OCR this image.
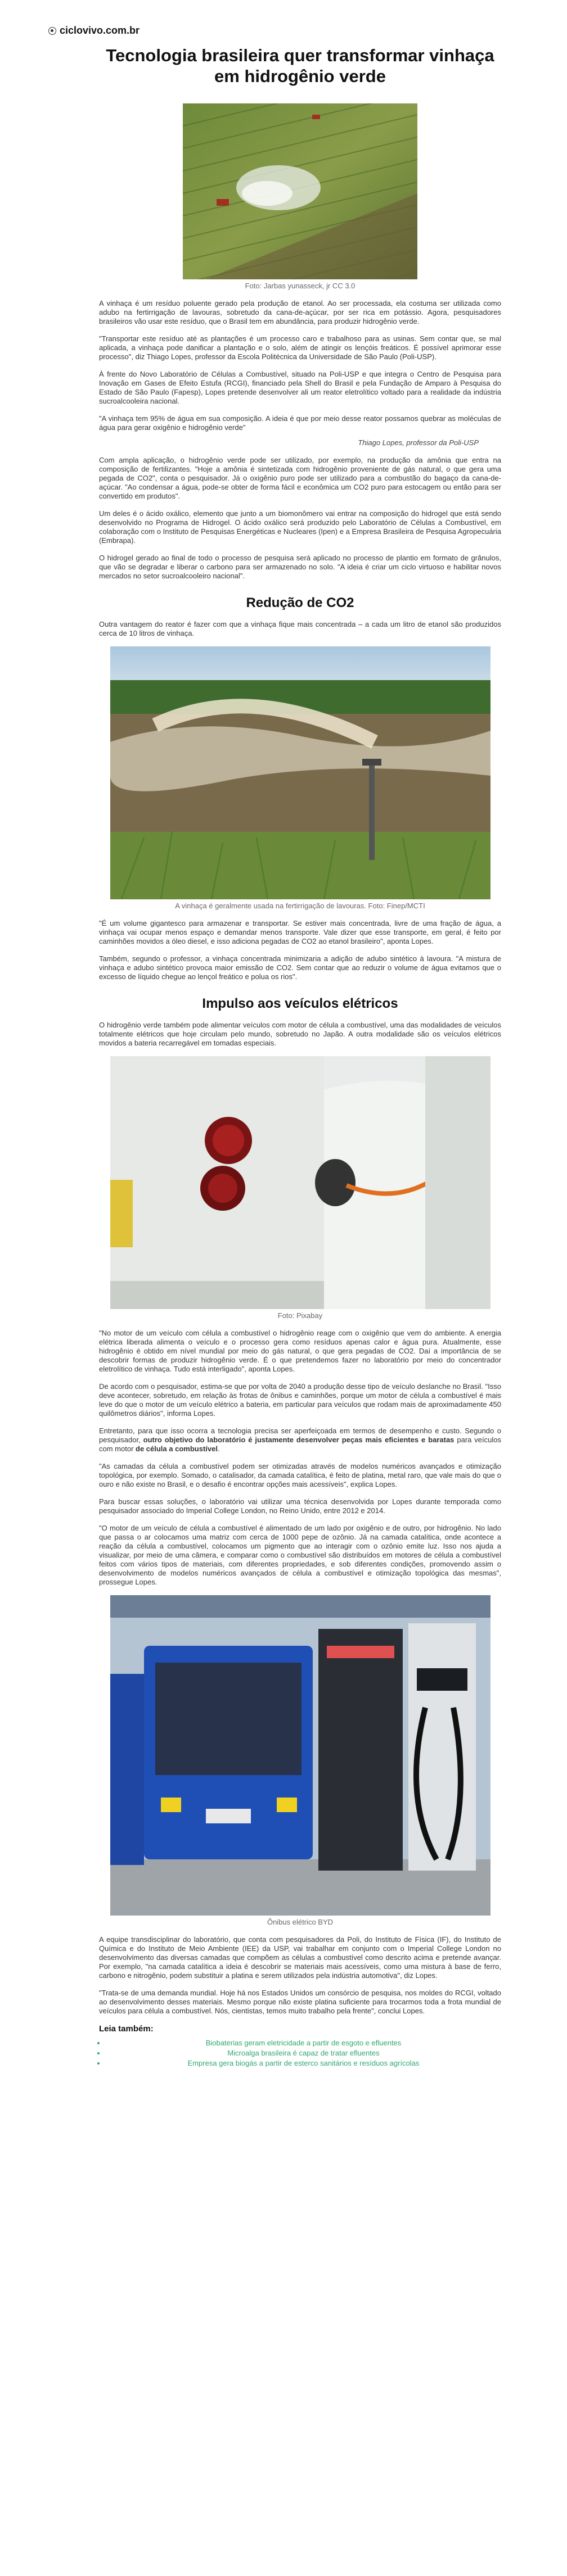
ciclovivo.com.br
Tecnologia brasileira quer transformar vinhaça em hidrogênio verde
Foto: Jarbas yunasseck, jr CC 3.0

A vinhaça é um resíduo poluente gerado pela produção de etanol. Ao ser processada, ela costuma ser utilizada como adubo na fertirrigação de lavouras, sobretudo da cana-de-açúcar, por ser rica em potássio. Agora, pesquisadores brasileiros vão usar este resíduo, que o Brasil tem em abundância, para produzir hidrogênio verde.

"Transportar este resíduo até as plantações é um processo caro e trabalhoso para as usinas. Sem contar que, se mal aplicada, a vinhaça pode danificar a plantação e o solo, além de atingir os lençóis freáticos. É possível aprimorar esse processo", diz Thiago Lopes, professor da Escola Politécnica da Universidade de São Paulo (Poli-USP).

À frente do Novo Laboratório de Células a Combustível, situado na Poli-USP e que integra o Centro de Pesquisa para Inovação em Gases de Efeito Estufa (RCGI), financiado pela Shell do Brasil e pela Fundação de Amparo à Pesquisa do Estado de São Paulo (Fapesp), Lopes pretende desenvolver ali um reator eletrolítico voltado para a realidade da indústria sucroalcooleira nacional.

"A vinhaça tem 95% de água em sua composição. A ideia é que por meio desse reator possamos quebrar as moléculas de água para gerar oxigênio e hidrogênio verde"

Thiago Lopes, professor da Poli-USP

Com ampla aplicação, o hidrogênio verde pode ser utilizado, por exemplo, na produção da amônia que entra na composição de fertilizantes. "Hoje a amônia é sintetizada com hidrogênio proveniente de gás natural, o que gera uma pegada de CO2", conta o pesquisador. Já o oxigênio puro pode ser utilizado para a combustão do bagaço da cana-de-açúcar. "Ao condensar a água, pode-se obter de forma fácil e econômica um CO2 puro para estocagem ou então para ser convertido em produtos".

Um deles é o ácido oxálico, elemento que junto a um biomonômero vai entrar na composição do hidrogel que está sendo desenvolvido no Programa de Hidrogel. O ácido oxálico será produzido pelo Laboratório de Células a Combustível, em colaboração com o Instituto de Pesquisas Energéticas e Nucleares (Ipen) e a Empresa Brasileira de Pesquisa Agropecuária (Embrapa).

O hidrogel gerado ao final de todo o processo de pesquisa será aplicado no processo de plantio em formato de grânulos, que vão se degradar e liberar o carbono para ser armazenado no solo. "A ideia é criar um ciclo virtuoso e habilitar novos mercados no setor sucroalcooleiro nacional".

Redução de CO2

Outra vantagem do reator é fazer com que a vinhaça fique mais concentrada – a cada um litro de etanol são produzidos cerca de 10 litros de vinhaça.

A vinhaça é geralmente usada na fertirrigação de lavouras. Foto: Finep/MCTI

"É um volume gigantesco para armazenar e transportar. Se estiver mais concentrada, livre de uma fração de água, a vinhaça vai ocupar menos espaço e demandar menos transporte. Vale dizer que esse transporte, em geral, é feito por caminhões movidos a óleo diesel, e isso adiciona pegadas de CO2 ao etanol brasileiro", aponta Lopes.

Também, segundo o professor, a vinhaça concentrada minimizaria a adição de adubo sintético à lavoura. "A mistura de vinhaça e adubo sintético provoca maior emissão de CO2. Sem contar que ao reduzir o volume de água evitamos que o excesso de líquido chegue ao lençol freático e polua os rios".

Impulso aos veículos elétricos

O hidrogênio verde também pode alimentar veículos com motor de célula a combustível, uma das modalidades de veículos totalmente elétricos que hoje circulam pelo mundo, sobretudo no Japão. A outra modalidade são os veículos elétricos movidos a bateria recarregável em tomadas especiais.

Foto: Pixabay

"No motor de um veículo com célula a combustível o hidrogênio reage com o oxigênio que vem do ambiente. A energia elétrica liberada alimenta o veículo e o processo gera como resíduos apenas calor e água pura. Atualmente, esse hidrogênio é obtido em nível mundial por meio do gás natural, o que gera pegadas de CO2. Daí a importância de se descobrir formas de produzir hidrogênio verde. É o que pretendemos fazer no laboratório por meio do concentrador eletrolítico de vinhaça. Tudo está interligado", aponta Lopes.

De acordo com o pesquisador, estima-se que por volta de 2040 a produção desse tipo de veículo deslanche no Brasil. "Isso deve acontecer, sobretudo, em relação às frotas de ônibus e caminhões, porque um motor de célula a combustível é mais leve do que o motor de um veículo elétrico a bateria, em particular para veículos que rodam mais de aproximadamente 450 quilômetros diários", informa Lopes.

Entretanto, para que isso ocorra a tecnologia precisa ser aperfeiçoada em termos de desempenho e custo. Segundo o pesquisador, outro objetivo do laboratório é justamente desenvolver peças mais eficientes e baratas para veículos com motor de célula a combustível.

"As camadas da célula a combustível podem ser otimizadas através de modelos numéricos avançados e otimização topológica, por exemplo. Somado, o catalisador, da camada catalítica, é feito de platina, metal raro, que vale mais do que o ouro e não existe no Brasil, e o desafio é encontrar opções mais acessíveis", explica Lopes.

Para buscar essas soluções, o laboratório vai utilizar uma técnica desenvolvida por Lopes durante temporada como pesquisador associado do Imperial College London, no Reino Unido, entre 2012 e 2014.

"O motor de um veículo de célula a combustível é alimentado de um lado por oxigênio e de outro, por hidrogênio. No lado que passa o ar colocamos uma matriz com cerca de 1000 pepe de ozônio. Já na camada catalítica, onde acontece a reação da célula a combustível, colocamos um pigmento que ao interagir com o ozônio emite luz. Isso nos ajuda a visualizar, por meio de uma câmera, e comparar como o combustível são distribuídos em motores de célula a combustível feitos com vários tipos de materiais, com diferentes propriedades, e sob diferentes condições, promovendo assim o desenvolvimento de modelos numéricos avançados de célula a combustível e otimização topológica das mesmas", prossegue Lopes.

Ônibus elétrico BYD

A equipe transdisciplinar do laboratório, que conta com pesquisadores da Poli, do Instituto de Física (IF), do Instituto de Química e do Instituto de Meio Ambiente (IEE) da USP, vai trabalhar em conjunto com o Imperial College London no desenvolvimento das diversas camadas que compõem as células a combustível como descrito acima e pretende avançar. Por exemplo, "na camada catalítica a ideia é descobrir se materiais mais acessíveis, como uma mistura à base de ferro, carbono e nitrogênio, podem substituir a platina e serem utilizados pela indústria automotiva", diz Lopes.

"Trata-se de uma demanda mundial. Hoje há nos Estados Unidos um consórcio de pesquisa, nos moldes do RCGI, voltado ao desenvolvimento desses materiais. Mesmo porque não existe platina suficiente para trocarmos toda a frota mundial de veículos para célula a combustível. Nós, cientistas, temos muito trabalho pela frente", conclui Lopes.

Leia também:
• Biobaterias geram eletricidade a partir de esgoto e efluentes
• Microalga brasileira é capaz de tratar efluentes
• Empresa gera biogás a partir de esterco sanitários e resíduos agrícolas
